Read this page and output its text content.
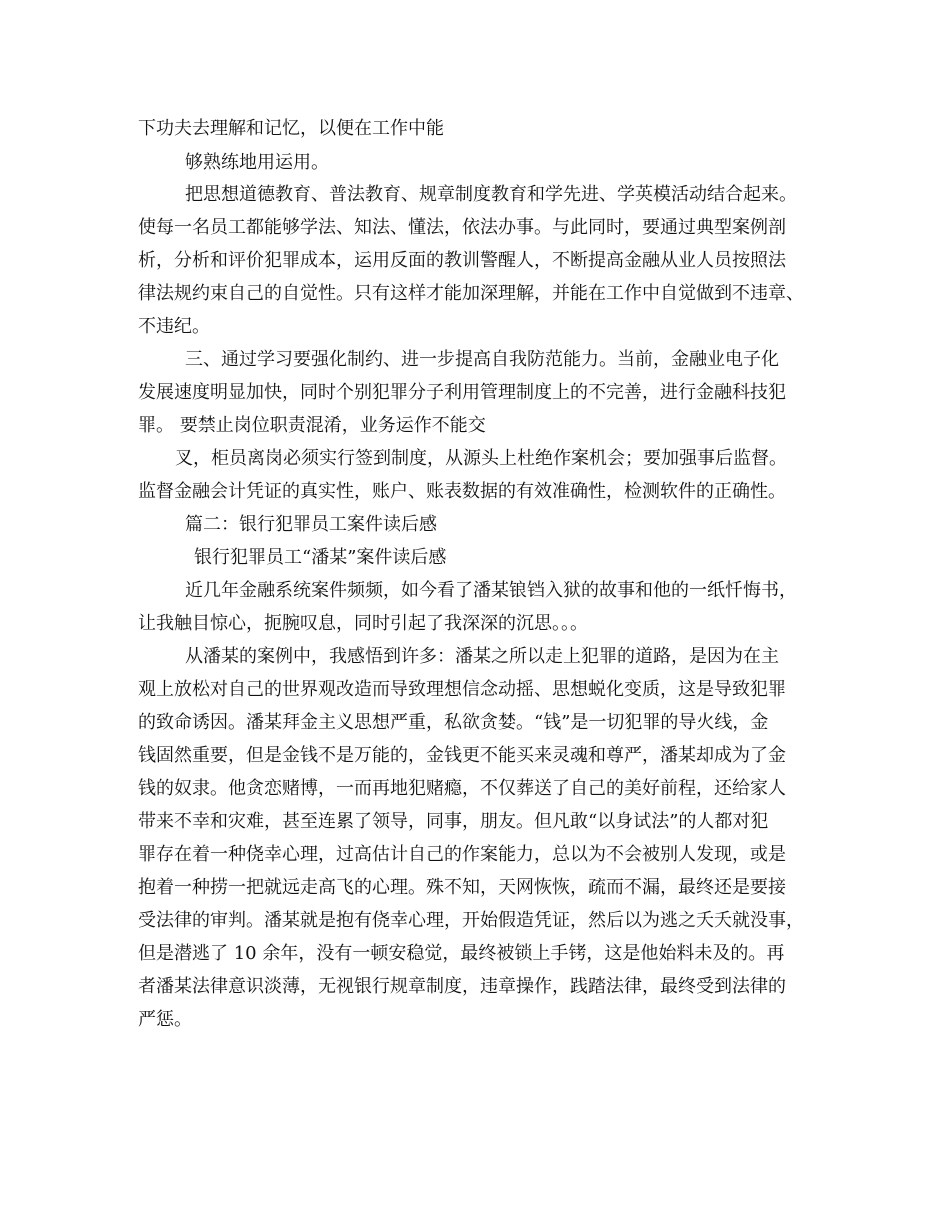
下功夫去理解和记忆，以便在工作中能
够熟练地用运用。
把思想道德教育、普法教育、规章制度教育和学先进、学英模活动结合起来。
使每一名员工都能够学法、知法、懂法，依法办事。与此同时，要通过典型案例剖
析，分析和评价犯罪成本，运用反面的教训警醒人，不断提高金融从业人员按照法
律法规约束自己的自觉性。只有这样才能加深理解，并能在工作中自觉做到不违章、
不违纪。
三、通过学习要强化制约、进一步提高自我防范能力。当前，金融业电子化
发展速度明显加快，同时个别犯罪分子利用管理制度上的不完善，进行金融科技犯
罪。 要禁止岗位职责混淆，业务运作不能交
叉，柜员离岗必须实行签到制度，从源头上杜绝作案机会；要加强事后监督。
监督金融会计凭证的真实性，账户、账表数据的有效准确性，检测软件的正确性。
篇二：银行犯罪员工案件读后感
银行犯罪员工“潘某”案件读后感
近几年金融系统案件频频，如今看了潘某锒铛入狱的故事和他的一纸忏悔书，
让我触目惊心，扼腕叹息，同时引起了我深深的沉思。。。
从潘某的案例中，我感悟到许多：潘某之所以走上犯罪的道路，是因为在主
观上放松对自己的世界观改造而导致理想信念动摇、思想蜕化变质，这是导致犯罪
的致命诱因。潘某拜金主义思想严重，私欲贪婪。“钱”是一切犯罪的导火线，金
钱固然重要，但是金钱不是万能的，金钱更不能买来灵魂和尊严，潘某却成为了金
钱的奴隶。他贪恋赌博，一而再地犯赌瘾，不仅葬送了自己的美好前程，还给家人
带来不幸和灾难，甚至连累了领导，同事，朋友。但凡敢“以身试法”的人都对犯
罪存在着一种侥幸心理，过高估计自己的作案能力，总以为不会被别人发现，或是
抱着一种捞一把就远走高飞的心理。殊不知，天网恢恢，疏而不漏，最终还是要接
受法律的审判。潘某就是抱有侥幸心理，开始假造凭证，然后以为逃之夭夭就没事，
但是潜逃了 10 余年，没有一顿安稳觉，最终被锁上手铐，这是他始料未及的。再
者潘某法律意识淡薄，无视银行规章制度，违章操作，践踏法律，最终受到法律的
严惩。
